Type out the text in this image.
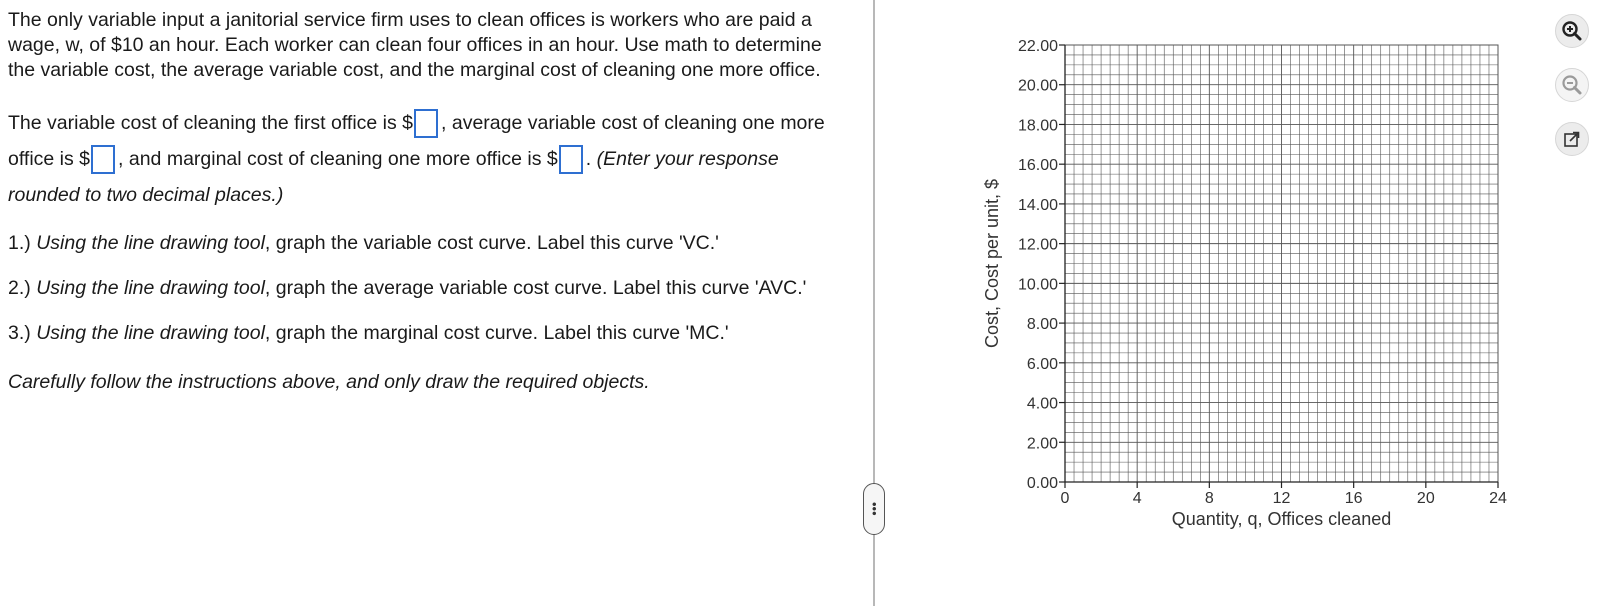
The only variable input a janitorial service firm uses to clean offices is workers who are paid a wage, w, of $10 an hour. Each worker can clean four offices in an hour. Use math to determine the variable cost, the average variable cost, and the marginal cost of cleaning one more office.

The variable cost of cleaning the first office is $ , average variable cost of cleaning one more office is $ , and marginal cost of cleaning one more office is $ . (Enter your response rounded to two decimal places.)

1.) Using the line drawing tool, graph the variable cost curve. Label this curve 'VC.'

2.) Using the line drawing tool, graph the average variable cost curve. Label this curve 'AVC.'

3.) Using the line drawing tool, graph the marginal cost curve. Label this curve 'MC.'

Carefully follow the instructions above, and only draw the required objects.

•••
0.00
2.00
4.00
6.00
8.00
10.00
12.00
14.00
16.00
18.00
20.00
22.00
0	4	8	12	16	20	24
Quantity, q, Offices cleaned
Cost, Cost per unit, $
